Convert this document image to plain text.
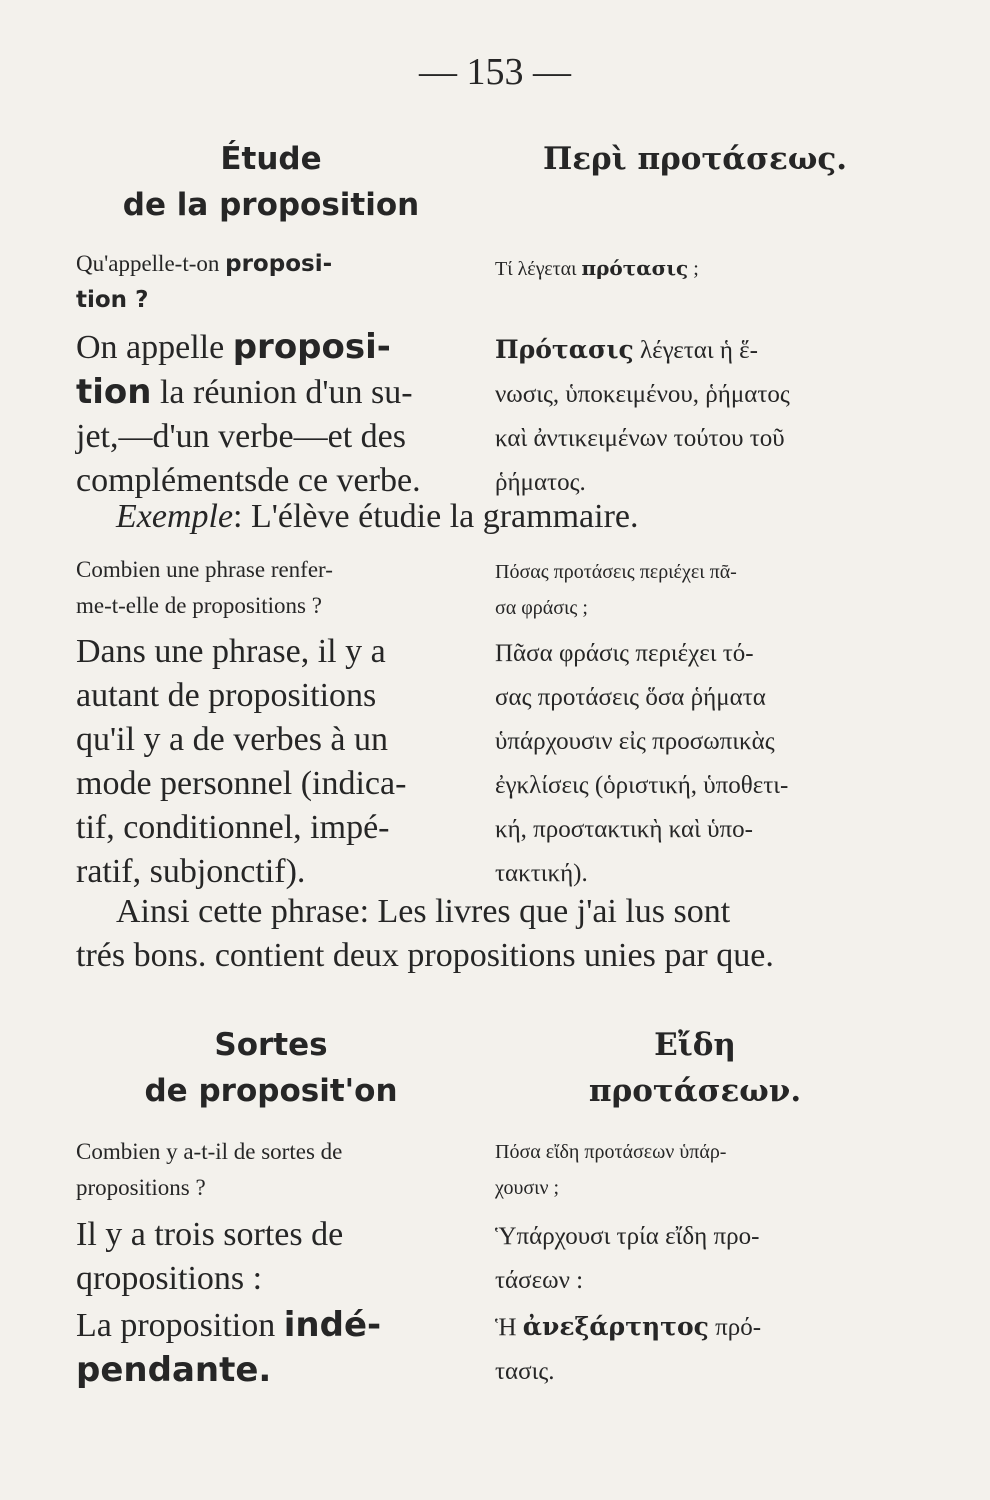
— 153 —
Étude
de la proposition
Περὶ προτάσεως.
Qu'appelle-t-on proposi-
tion ?
Τί λέγεται πρότασις ;
On appelle proposi-
tion la réunion d'un su-
jet,—d'un verbe—et des
complémentsde ce verbe.
Πρότασις λέγεται ἡ ἕ-
νωσις, ὑποκειμένου, ῥήματος
καὶ ἀντικειμένων τούτου τοῦ
ῥήματος.
Exemple: L'élève étudie la grammaire.
Combien une phrase renfer-
me-t-elle de propositions ?
Πόσας προτάσεις περιέχει πᾶ-
σα φράσις ;
Dans une phrase, il y a
autant de propositions
qu'il y a de verbes à un
mode personnel (indica-
tif, conditionnel, impé-
ratif, subjonctif).
Πᾶσα φράσις περιέχει τό-
σας προτάσεις ὅσα ῥήματα
ὑπάρχουσιν εἰς προσωπικὰς
ἐγκλίσεις (ὁριστική, ὑποθετι-
κή, προστακτικὴ καὶ ὑπο-
τακτική).
Ainsi cette phrase: Les livres que j'ai lus sont
trés bons. contient deux propositions unies par que.
Sortes
de proposit'on
Εἴδη
προτάσεων.
Combien y a-t-il de sortes de
propositions ?
Πόσα εἴδη προτάσεων ὑπάρ-
χουσιν ;
Il y a trois sortes de
qropositions :
Ὑπάρχουσι τρία εἴδη προ-
τάσεων :
La proposition indé-
pendante.
Ἡ ἀνεξάρτητος πρό-
τασις.
